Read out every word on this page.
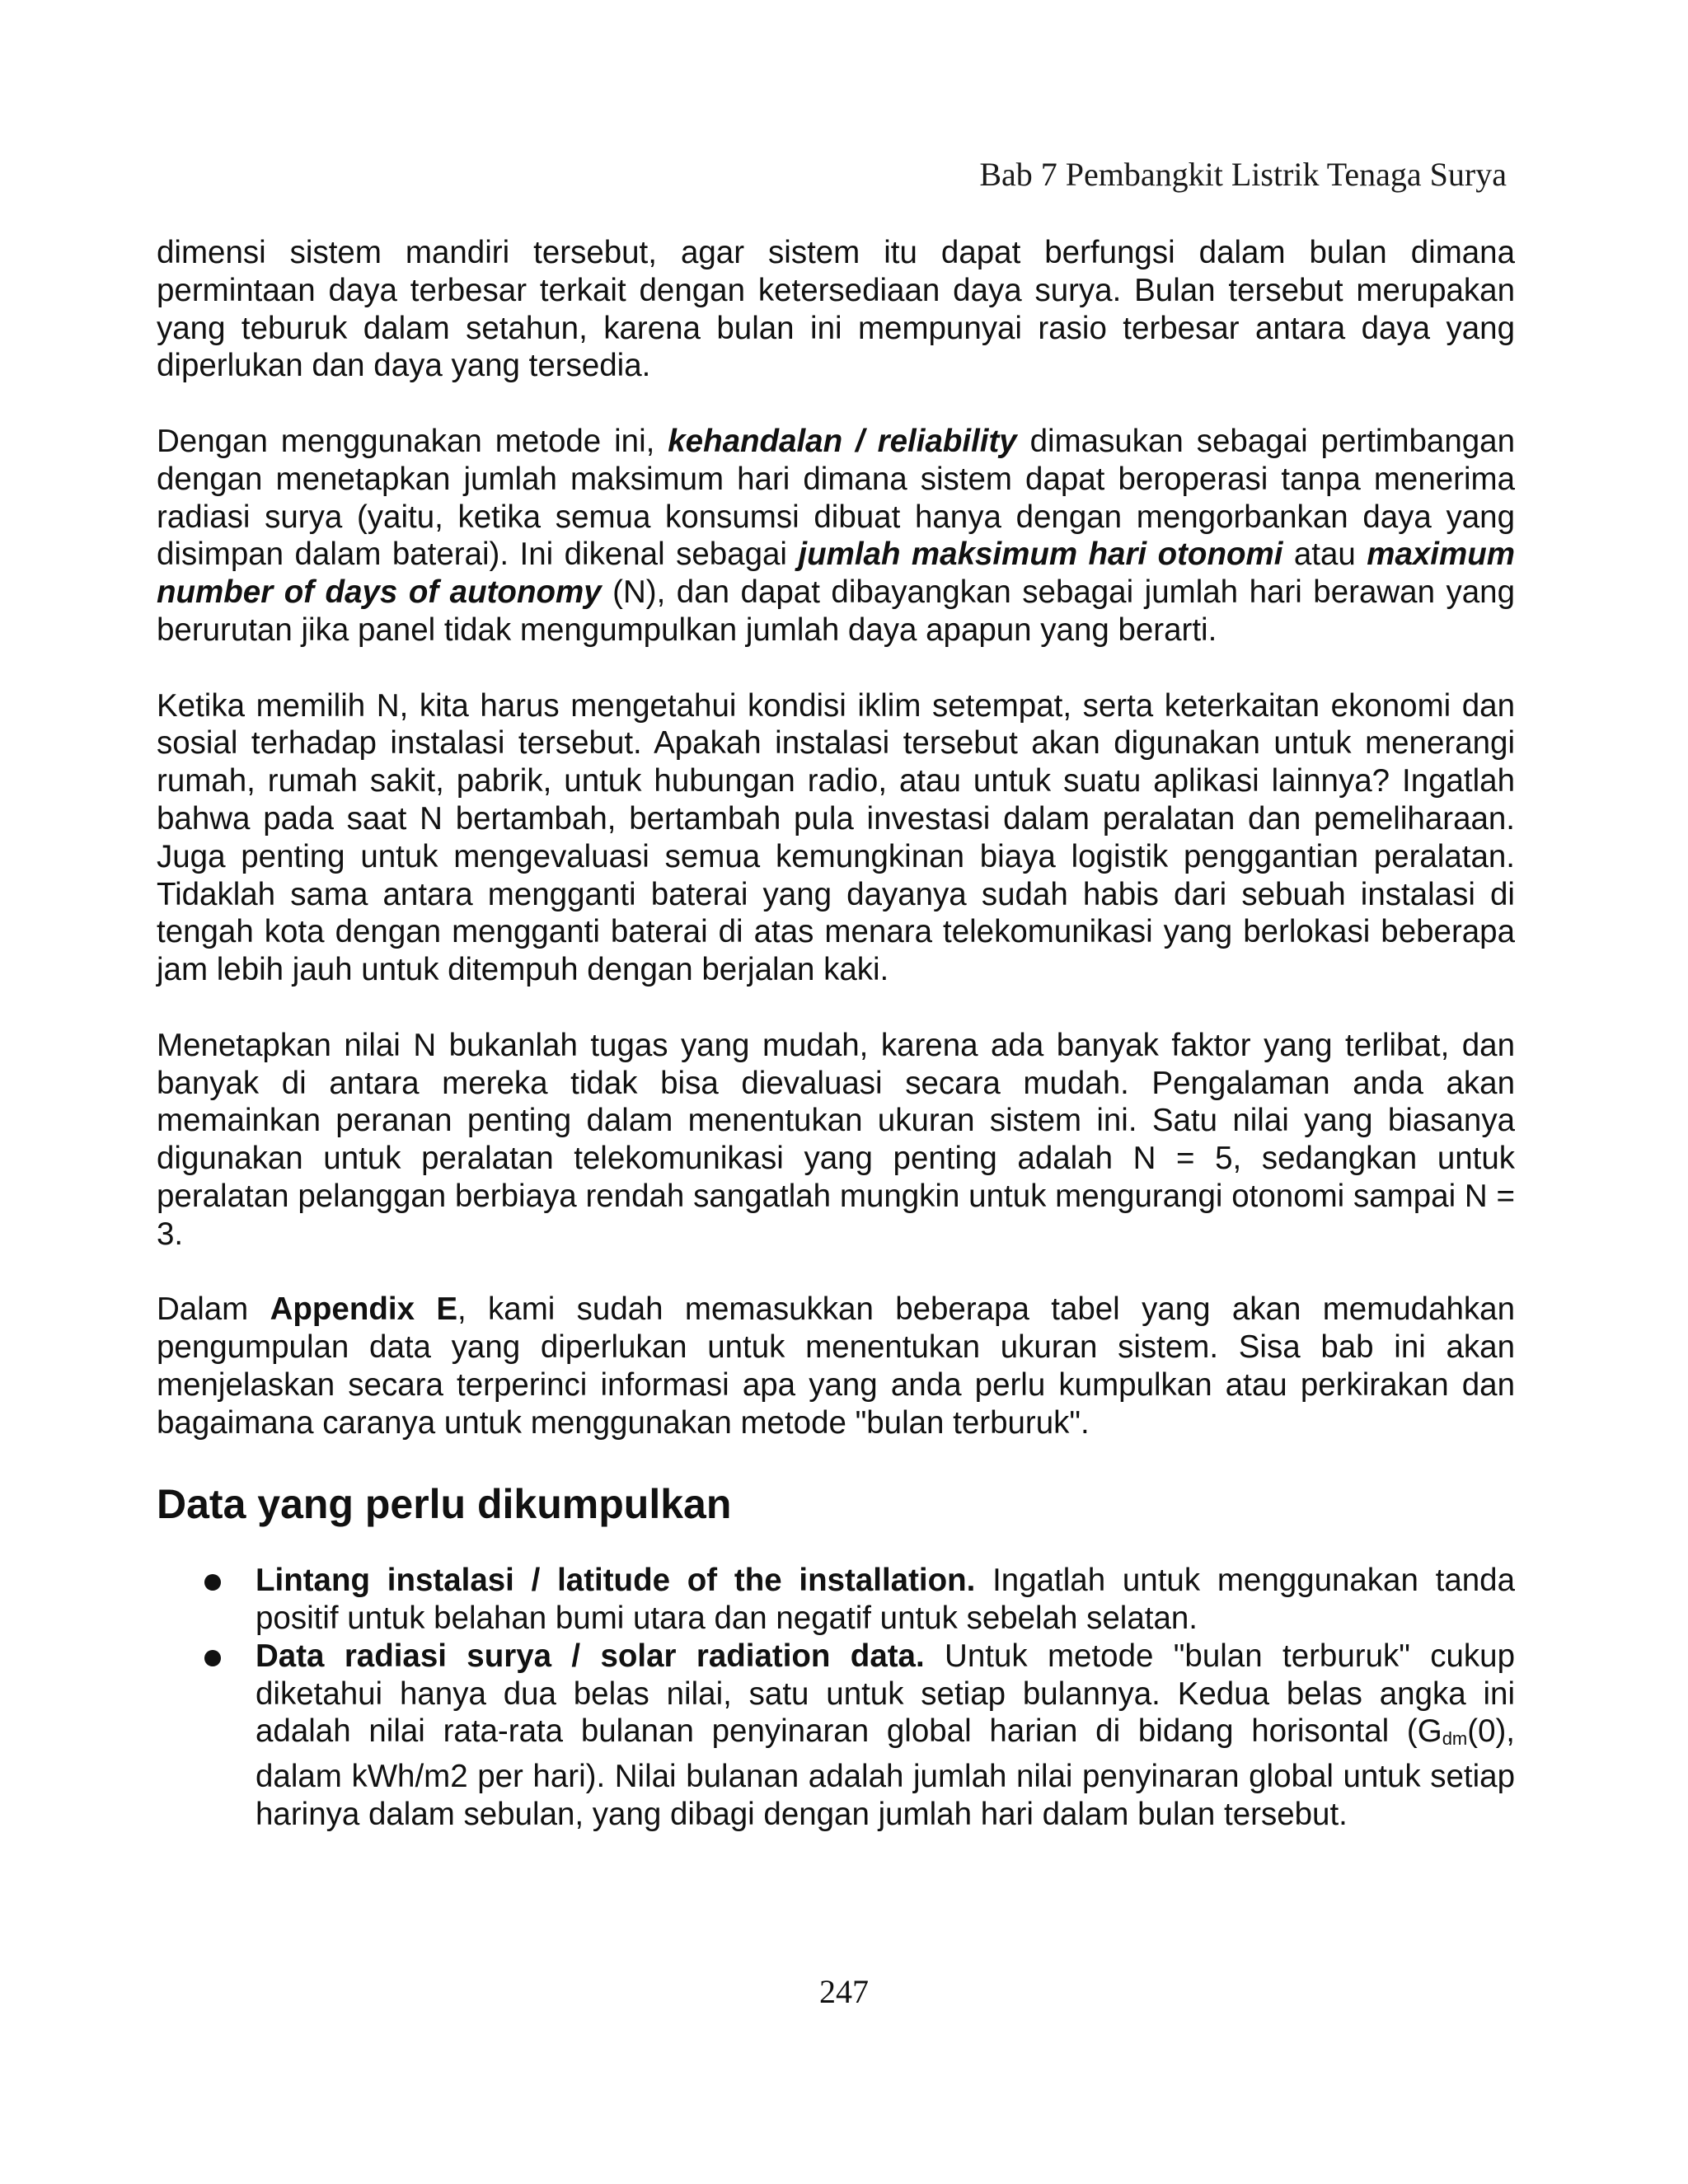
Bab 7 Pembangkit Listrik Tenaga Surya

dimensi sistem mandiri tersebut, agar sistem itu dapat berfungsi dalam bulan dimana permintaan daya terbesar terkait dengan ketersediaan daya surya. Bulan tersebut merupakan yang teburuk dalam setahun, karena bulan ini mempunyai rasio terbesar antara daya yang diperlukan dan daya yang tersedia.

Dengan menggunakan metode ini, kehandalan / reliability dimasukan sebagai pertimbangan dengan menetapkan jumlah maksimum hari dimana sistem dapat beroperasi tanpa menerima radiasi surya (yaitu, ketika semua konsumsi dibuat hanya dengan mengorbankan daya yang disimpan dalam baterai). Ini dikenal sebagai jumlah maksimum hari otonomi atau maximum number of days of autonomy (N), dan dapat dibayangkan sebagai jumlah hari berawan yang berurutan jika panel tidak mengumpulkan jumlah daya apapun yang berarti.

Ketika memilih N, kita harus mengetahui kondisi iklim setempat, serta keterkaitan ekonomi dan sosial terhadap instalasi tersebut. Apakah instalasi tersebut akan digunakan untuk menerangi rumah, rumah sakit, pabrik, untuk hubungan radio, atau untuk suatu aplikasi lainnya? Ingatlah bahwa pada saat N bertambah, bertambah pula investasi dalam peralatan dan pemeliharaan. Juga penting untuk mengevaluasi semua kemungkinan biaya logistik penggantian peralatan. Tidaklah sama antara mengganti baterai yang dayanya sudah habis dari sebuah instalasi di tengah kota dengan mengganti baterai di atas menara telekomunikasi yang berlokasi beberapa jam lebih jauh untuk ditempuh dengan berjalan kaki.

Menetapkan nilai N bukanlah tugas yang mudah, karena ada banyak faktor yang terlibat, dan banyak di antara mereka tidak bisa dievaluasi secara mudah. Pengalaman anda akan memainkan peranan penting dalam menentukan ukuran sistem ini. Satu nilai yang biasanya digunakan untuk peralatan telekomunikasi yang penting adalah N = 5, sedangkan untuk peralatan pelanggan berbiaya rendah sangatlah mungkin untuk mengurangi otonomi sampai N = 3.

Dalam Appendix E, kami sudah memasukkan beberapa tabel yang akan memudahkan pengumpulan data yang diperlukan untuk menentukan ukuran sistem. Sisa bab ini akan menjelaskan secara terperinci informasi apa yang anda perlu kumpulkan atau perkirakan dan bagaimana caranya untuk menggunakan metode "bulan terburuk".

Data yang perlu dikumpulkan
Lintang instalasi / latitude of the installation. Ingatlah untuk menggunakan tanda positif untuk belahan bumi utara dan negatif untuk sebelah selatan.
Data radiasi surya / solar radiation data. Untuk metode "bulan terburuk" cukup diketahui hanya dua belas nilai, satu untuk setiap bulannya. Kedua belas angka ini adalah nilai rata-rata bulanan penyinaran global harian di bidang horisontal (Gdm(0), dalam kWh/m2 per hari). Nilai bulanan adalah jumlah nilai penyinaran global untuk setiap harinya dalam sebulan, yang dibagi dengan jumlah hari dalam bulan tersebut.
247
